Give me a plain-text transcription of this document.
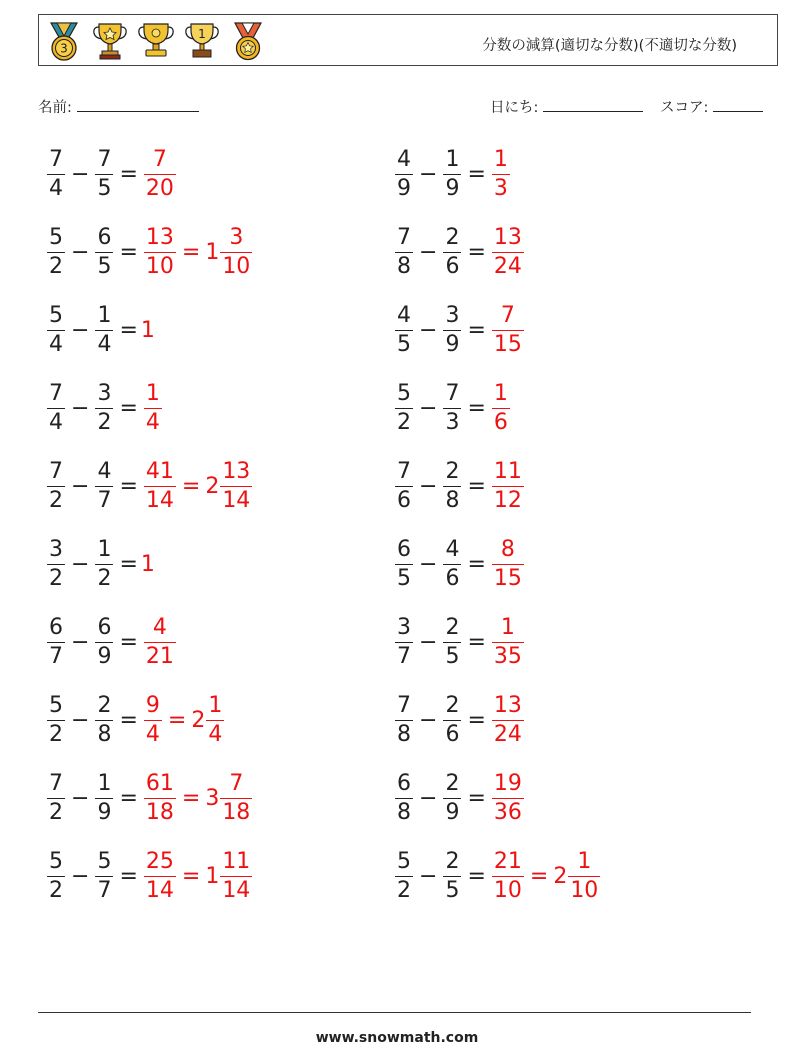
3
1
分数の減算(適切な分数)(不適切な分数)
名前:	日にち:	スコア:
$\frac{7}{4} - \frac{7}{5} = \frac{7}{20}$
$\frac{5}{2} - \frac{6}{5} = \frac{13}{10} = 1 \frac{3}{10}$
$\frac{5}{4} - \frac{1}{4} = 1$
$\frac{7}{4} - \frac{3}{2} = \frac{1}{4}$
$\frac{7}{2} - \frac{4}{7} = \frac{41}{14} = 2 \frac{13}{14}$
$\frac{3}{2} - \frac{1}{2} = 1$
$\frac{6}{7} - \frac{6}{9} = \frac{4}{21}$
$\frac{5}{2} - \frac{2}{8} = \frac{9}{4} = 2 \frac{1}{4}$
$\frac{7}{2} - \frac{1}{9} = \frac{61}{18} = 3 \frac{7}{18}$
$\frac{5}{2} - \frac{5}{7} = \frac{25}{14} = 1 \frac{11}{14}$
$\frac{4}{9} - \frac{1}{9} = \frac{1}{3}$
$\frac{7}{8} - \frac{2}{6} = \frac{13}{24}$
$\frac{4}{5} - \frac{3}{9} = \frac{7}{15}$
$\frac{5}{2} - \frac{7}{3} = \frac{1}{6}$
$\frac{7}{6} - \frac{2}{8} = \frac{11}{12}$
$\frac{6}{5} - \frac{4}{6} = \frac{8}{15}$
$\frac{3}{7} - \frac{2}{5} = \frac{1}{35}$
$\frac{7}{8} - \frac{2}{6} = \frac{13}{24}$
$\frac{6}{8} - \frac{2}{9} = \frac{19}{36}$
$\frac{5}{2} - \frac{2}{5} = \frac{21}{10} = 2 \frac{1}{10}$
www.snowmath.com
